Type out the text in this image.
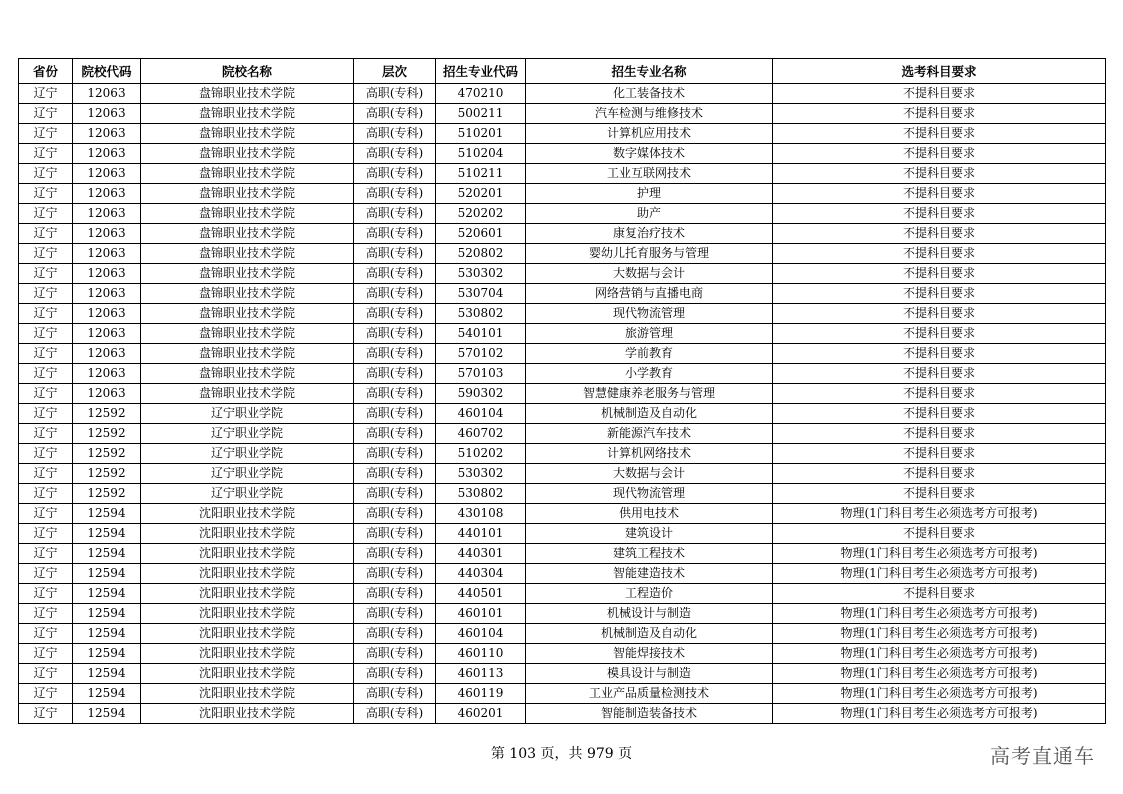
省份	院校代码	院校名称	层次	招生专业代码	招生专业名称	选考科目要求
辽宁	12063	盘锦职业技术学院	高职(专科)	470210	化工装备技术	不提科目要求
辽宁	12063	盘锦职业技术学院	高职(专科)	500211	汽车检测与维修技术	不提科目要求
辽宁	12063	盘锦职业技术学院	高职(专科)	510201	计算机应用技术	不提科目要求
辽宁	12063	盘锦职业技术学院	高职(专科)	510204	数字媒体技术	不提科目要求
辽宁	12063	盘锦职业技术学院	高职(专科)	510211	工业互联网技术	不提科目要求
辽宁	12063	盘锦职业技术学院	高职(专科)	520201	护理	不提科目要求
辽宁	12063	盘锦职业技术学院	高职(专科)	520202	助产	不提科目要求
辽宁	12063	盘锦职业技术学院	高职(专科)	520601	康复治疗技术	不提科目要求
辽宁	12063	盘锦职业技术学院	高职(专科)	520802	婴幼儿托育服务与管理	不提科目要求
辽宁	12063	盘锦职业技术学院	高职(专科)	530302	大数据与会计	不提科目要求
辽宁	12063	盘锦职业技术学院	高职(专科)	530704	网络营销与直播电商	不提科目要求
辽宁	12063	盘锦职业技术学院	高职(专科)	530802	现代物流管理	不提科目要求
辽宁	12063	盘锦职业技术学院	高职(专科)	540101	旅游管理	不提科目要求
辽宁	12063	盘锦职业技术学院	高职(专科)	570102	学前教育	不提科目要求
辽宁	12063	盘锦职业技术学院	高职(专科)	570103	小学教育	不提科目要求
辽宁	12063	盘锦职业技术学院	高职(专科)	590302	智慧健康养老服务与管理	不提科目要求
辽宁	12592	辽宁职业学院	高职(专科)	460104	机械制造及自动化	不提科目要求
辽宁	12592	辽宁职业学院	高职(专科)	460702	新能源汽车技术	不提科目要求
辽宁	12592	辽宁职业学院	高职(专科)	510202	计算机网络技术	不提科目要求
辽宁	12592	辽宁职业学院	高职(专科)	530302	大数据与会计	不提科目要求
辽宁	12592	辽宁职业学院	高职(专科)	530802	现代物流管理	不提科目要求
辽宁	12594	沈阳职业技术学院	高职(专科)	430108	供用电技术	物理(1门科目考生必须选考方可报考)
辽宁	12594	沈阳职业技术学院	高职(专科)	440101	建筑设计	不提科目要求
辽宁	12594	沈阳职业技术学院	高职(专科)	440301	建筑工程技术	物理(1门科目考生必须选考方可报考)
辽宁	12594	沈阳职业技术学院	高职(专科)	440304	智能建造技术	物理(1门科目考生必须选考方可报考)
辽宁	12594	沈阳职业技术学院	高职(专科)	440501	工程造价	不提科目要求
辽宁	12594	沈阳职业技术学院	高职(专科)	460101	机械设计与制造	物理(1门科目考生必须选考方可报考)
辽宁	12594	沈阳职业技术学院	高职(专科)	460104	机械制造及自动化	物理(1门科目考生必须选考方可报考)
辽宁	12594	沈阳职业技术学院	高职(专科)	460110	智能焊接技术	物理(1门科目考生必须选考方可报考)
辽宁	12594	沈阳职业技术学院	高职(专科)	460113	模具设计与制造	物理(1门科目考生必须选考方可报考)
辽宁	12594	沈阳职业技术学院	高职(专科)	460119	工业产品质量检测技术	物理(1门科目考生必须选考方可报考)
辽宁	12594	沈阳职业技术学院	高职(专科)	460201	智能制造装备技术	物理(1门科目考生必须选考方可报考)
第 103 页，共 979 页	高考直通车
